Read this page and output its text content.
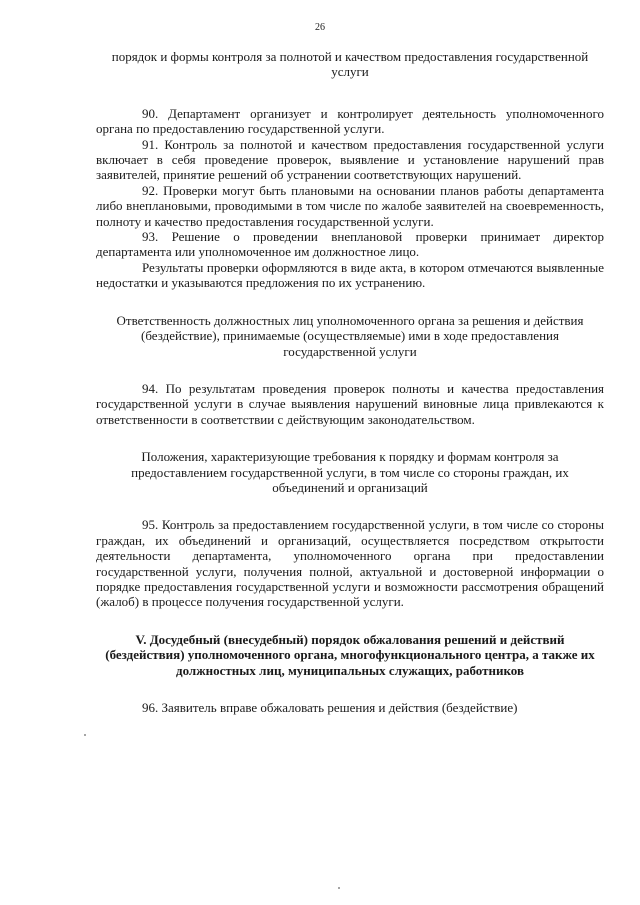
26

порядок и формы контроля за полнотой и качеством предоставления государственной услуги

90. Департамент организует и контролирует деятельность уполномоченного органа по предоставлению государственной услуги.

91. Контроль за полнотой и качеством предоставления государственной услуги включает в себя проведение проверок, выявление и установление нарушений прав заявителей, принятие решений об устранении соответствующих нарушений.

92. Проверки могут быть плановыми на основании планов работы департамента либо внеплановыми, проводимыми в том числе по жалобе заявителей на своевременность, полноту и качество предоставления государственной услуги.

93. Решение о проведении внеплановой проверки принимает директор департамента или уполномоченное им должностное лицо.

Результаты проверки оформляются в виде акта, в котором отмечаются выявленные недостатки и указываются предложения по их устранению.

Ответственность должностных лиц уполномоченного органа за решения и действия (бездействие), принимаемые (осуществляемые) ими в ходе предоставления государственной услуги

94. По результатам проведения проверок полноты и качества предоставления государственной услуги в случае выявления нарушений виновные лица привлекаются к ответственности в соответствии с действующим законодательством.

Положения, характеризующие требования к порядку и формам контроля за предоставлением государственной услуги, в том числе со стороны граждан, их объединений и организаций

95. Контроль за предоставлением государственной услуги, в том числе со стороны граждан, их объединений и организаций, осуществляется посредством открытости деятельности департамента, уполномоченного органа при предоставлении государственной услуги, получения полной, актуальной и достоверной информации о порядке предоставления государственной услуги и возможности рассмотрения обращений (жалоб) в процессе получения государственной услуги.

V. Досудебный (внесудебный) порядок обжалования решений и действий (бездействия) уполномоченного органа, многофункционального центра, а также их должностных лиц, муниципальных служащих, работников

96. Заявитель вправе обжаловать решения и действия (бездействие)
